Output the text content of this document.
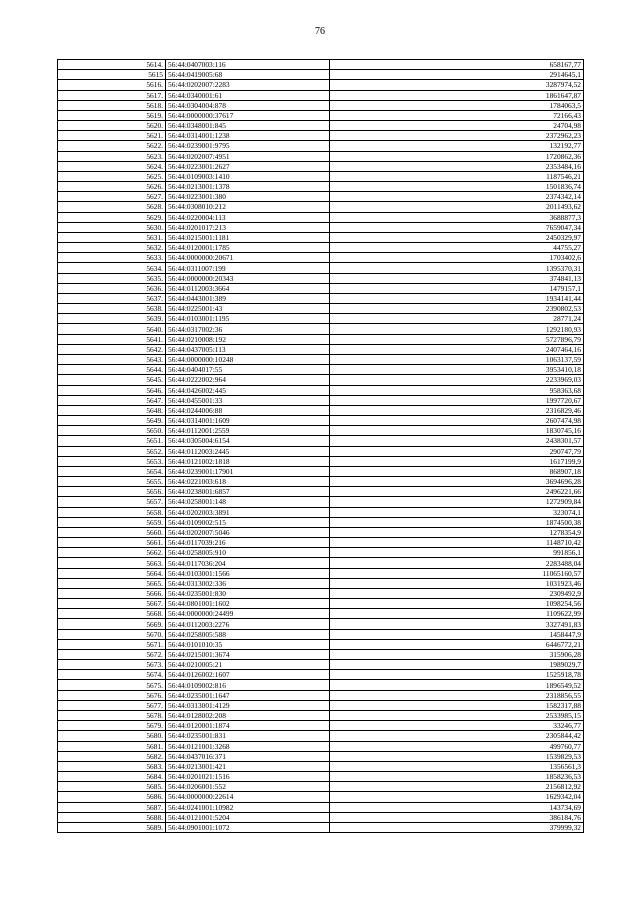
76
5614.	56:44:0407003:116	658167,77
5615	56:44:0419005:68	2914645,1
5616.	56:44:0202007:2283	3287974,52
5617.	56:44:0340001:61	1861647,87
5618.	56:44:0304004:878	1784063,5
5619.	56:44:0000000:37617	72166,43
5620.	56:44:0348001:845	24704,98
5621.	56:44:0314001:1238	2372962,23
5622.	56:44:0239001:9795	132192,77
5623.	56:44:0202007:4951	1720862,36
5624.	56:44:0223001:2627	2353484,16
5625.	56:44:0109003:1410	1187546,21
5626.	56:44:0213001:1378	1501836,74
5627.	56:44:0223001:380	2374342,14
5628.	56:44:0308010:212	2011493,62
5629.	56:44:0220004:113	3688877,3
5630.	56:44:0201017:213	7659047,34
5631.	56:44:0215001:1181	2450329,97
5632.	56:44:0120001:1785	44755,27
5633.	56:44:0000000:20671	1703402,6
5634.	56:44:0311007:199	1395370,31
5635.	56:44:0000000:20343	374841,13
5636.	56:44:0112003:3664	1479157,1
5637.	56:44:0443001:389	1934141,44
5638.	56:44:0225001:43	2390802,53
5639.	56:44:0103001:1195	28771,24
5640.	56:44:0317002:36	1292180,93
5641.	56:44:0210008:192	5727896,79
5642.	56:44:0437005:113	2407464,16
5643.	56:44:0000000:10248	1063137,59
5644.	56:44:0404017:55	3953410,18
5645.	56:44:0222002:964	2233969,03
5646.	56:44:0426002:445	958363,68
5647.	56:44:0455001:33	1997720,67
5648.	56:44:0244006:88	2316829,46
5649.	56:44:0314001:1609	2607474,98
5650.	56:44:0112001:2559	1830745,16
5651.	56:44:0305004:6154	2438301,57
5652.	56:44:0112003:2445	290747,79
5653.	56:44:0121002:1818	1617199,9
5654.	56:44:0239001:17901	868907,18
5655.	56:44:0221003:618	3694696,28
5656.	56:44:0238001:6857	2496221,66
5657.	56:44:0258001:148	1272909,84
5658.	56:44:0202003:3891	323074,1
5659.	56:44:0109002:515	1874500,38
5660.	56:44:0202007:5046	1278354,9
5661.	56:44:0117039:216	1148710,42
5662.	56:44:0258005:910	991856,1
5663.	56:44:0117036:204	2283488,04
5664.	56:44:0103001:1566	11065160,57
5665.	56:44:0313002:336	1031923,46
5666.	56:44:0235001:830	2309492,9
5667.	56:44:0801001:1602	1098254,56
5668.	56:44:0000000:24499	1109622,99
5669.	56:44:0112003:2276	3327491,83
5670.	56:44:0258005:588	1458447,9
5671.	56:44:0101010:35	6446772,21
5672.	56:44:0215001:3674	315906,28
5673.	56:44:0210005:21	1989029,7
5674.	56:44:0126002:1607	1525918,78
5675.	56:44:0109002:816	1896549,52
5676.	56:44:0235001:1647	2318856,55
5677.	56:44:0313001:4129	1582317,88
5678.	56:44:0128002:208	2533985,15
5679.	56:44:0120001:1874	33246,77
5680.	56:44:0235001:831	2305844,42
5681.	56:44:0121001:3268	499760,77
5682.	56:44:0437016:371	1539829,53
5683.	56:44:0213001:421	1356561,3
5684.	56:44:0201021:1516	1858236,53
5685.	56:44:0206001:552	2156812,92
5686.	56:44:0000000:22614	1629342,04
5687.	56:44:0241001:10982	143734,69
5688.	56:44:0121001:5204	386184,76
5689.	56:44:0901001:1072	379999,32
